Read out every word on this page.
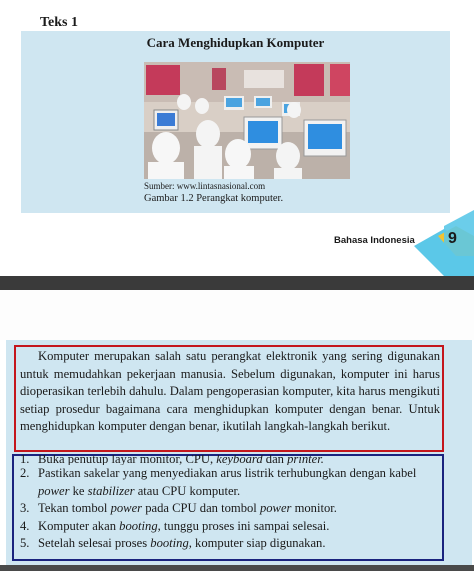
Teks 1
Cara Menghidupkan Komputer
Sumber: www.lintasnasional.com
Gambar 1.2 Perangkat komputer.
Bahasa Indonesia 9

Komputer merupakan salah satu perangkat elektronik yang sering digunakan untuk memudahkan pekerjaan manusia. Sebelum digunakan, komputer ini harus dioperasikan terlebih dahulu. Dalam pengoperasian komputer, kita harus mengikuti setiap prosedur bagaimana cara menghidupkan komputer dengan benar. Untuk menghidupkan komputer dengan benar, ikutilah langkah-langkah berikut.

1. Buka penutup layar monitor, CPU, keyboard dan printer.
2. Pastikan sakelar yang menyediakan arus listrik terhubungkan dengan kabel power ke stabilizer atau CPU komputer.
3. Tekan tombol power pada CPU dan tombol power monitor.
4. Komputer akan booting, tunggu proses ini sampai selesai.
5. Setelah selesai proses booting, komputer siap digunakan.
